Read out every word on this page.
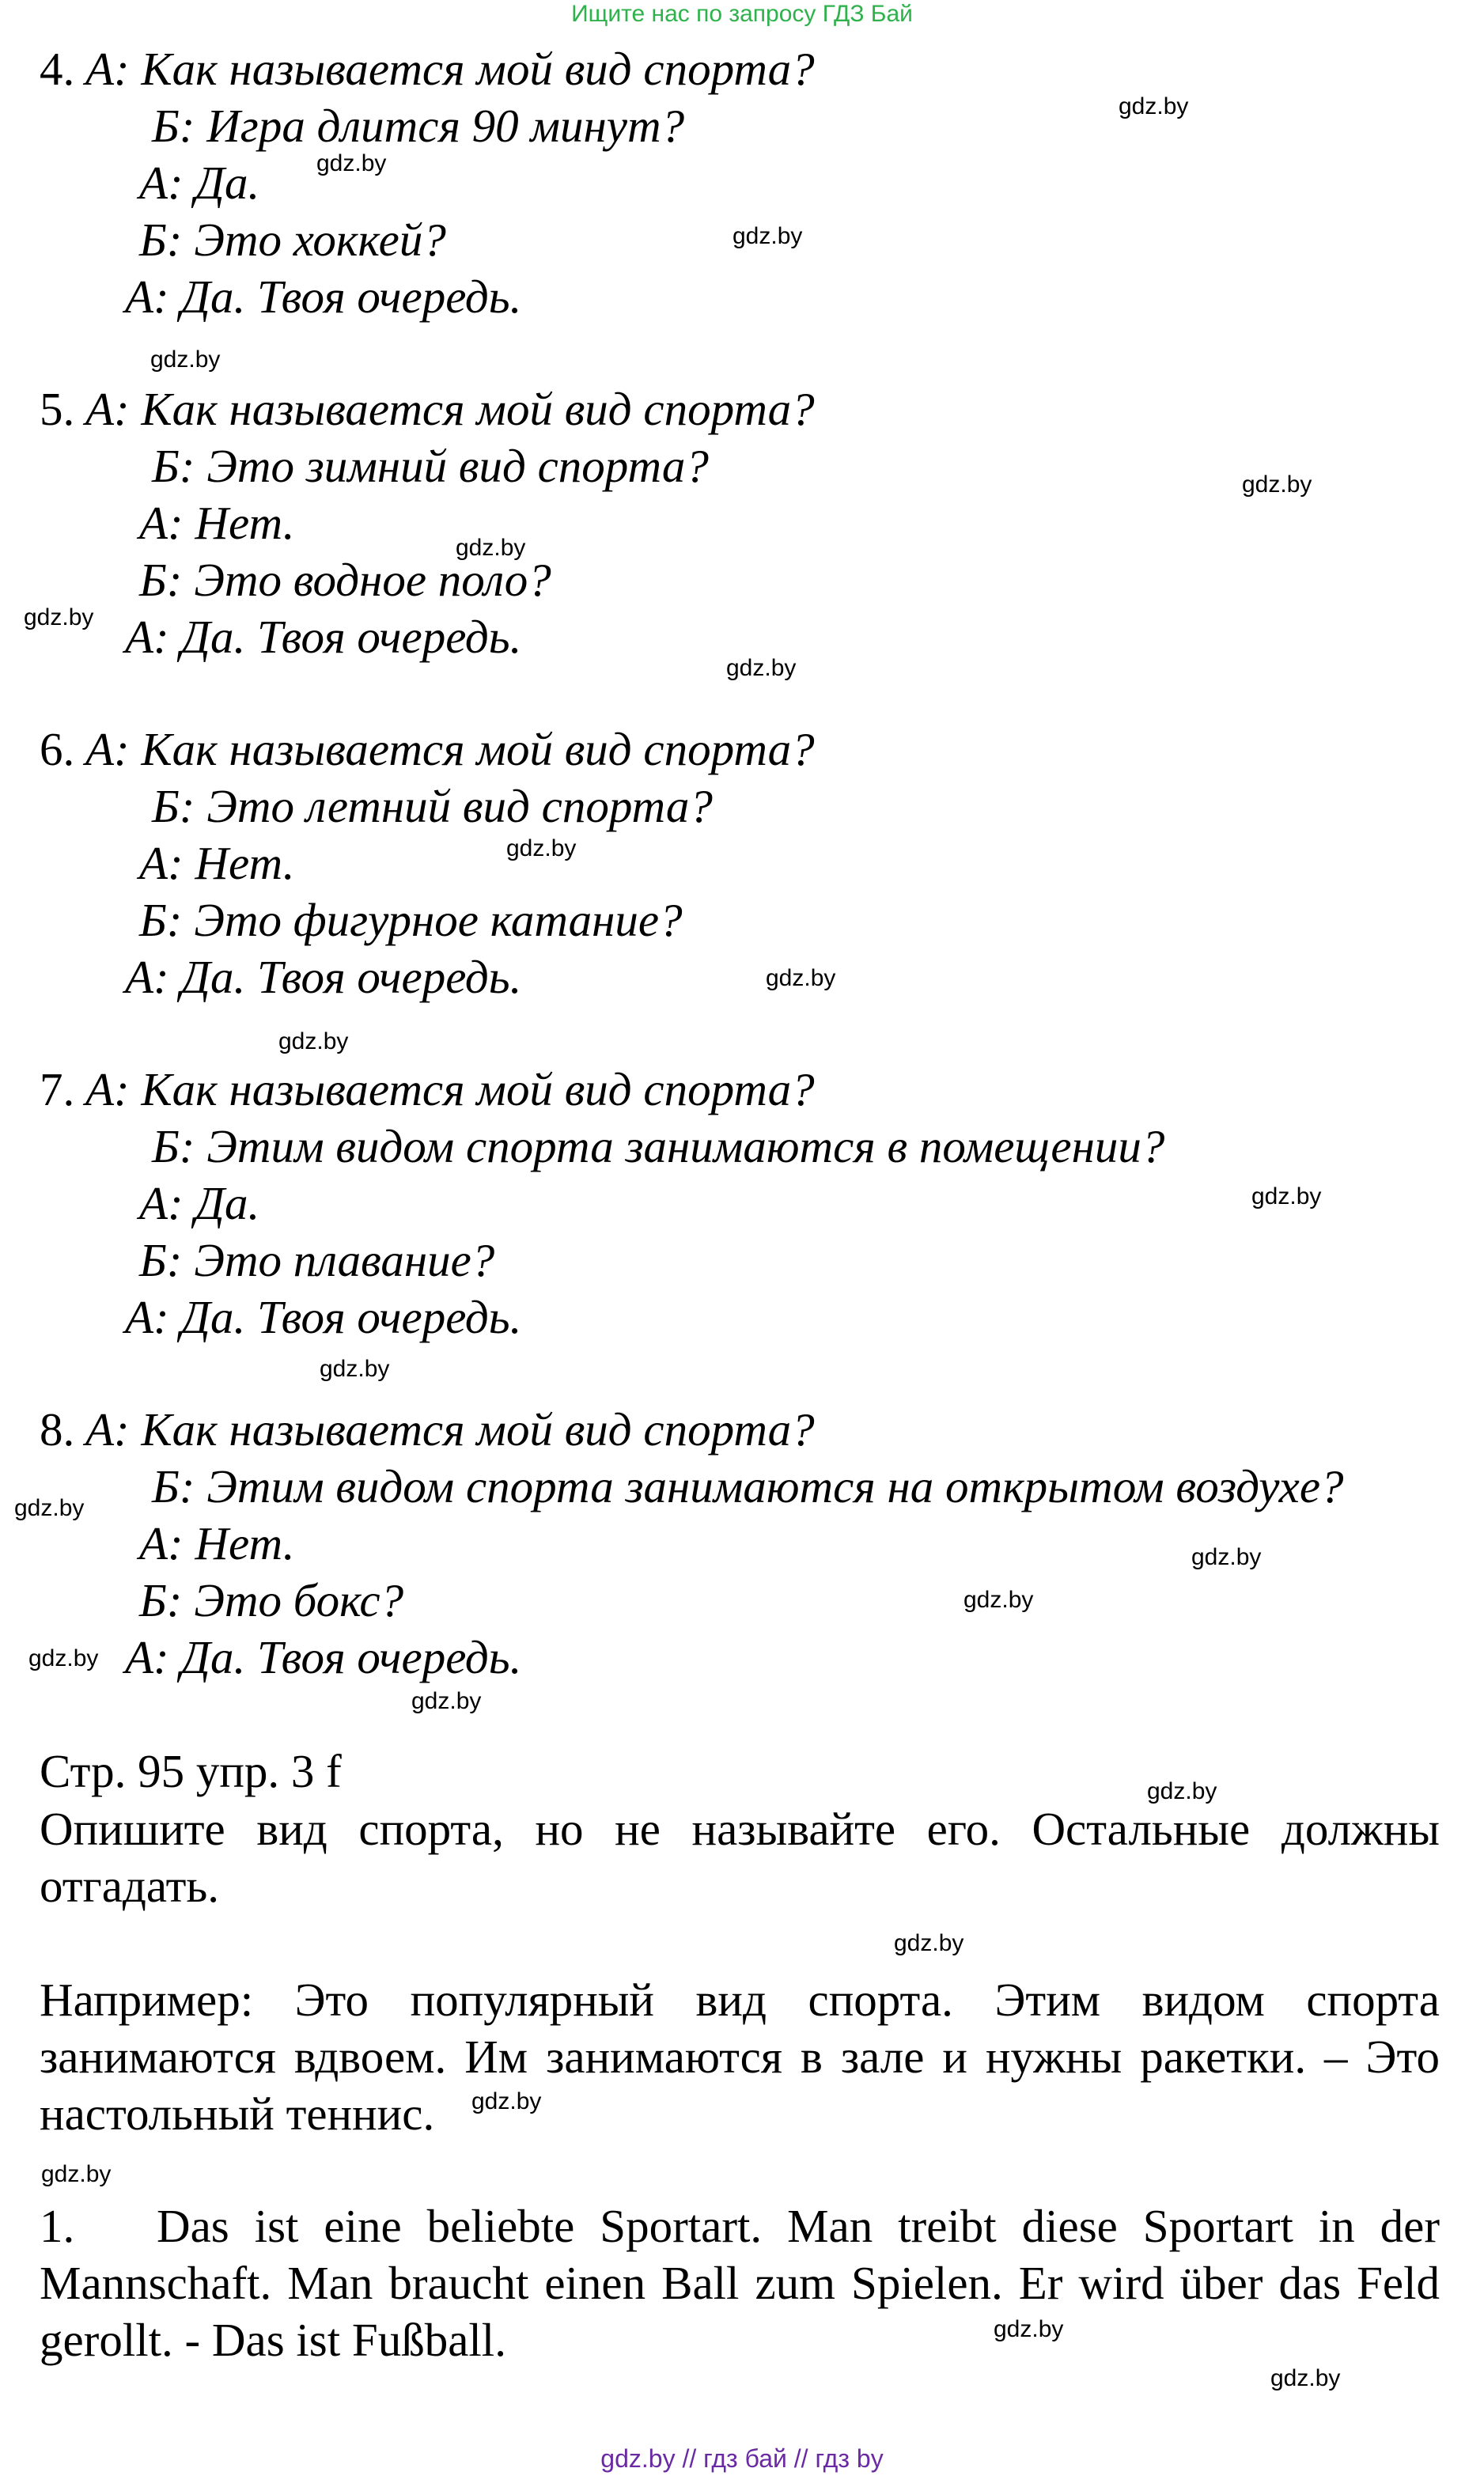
Ищите нас по запросу ГДЗ Бай
4. А: Как называется мой вид спорта?
Б: Игра длится 90 минут?
А: Да.
Б: Это хоккей?
А: Да. Твоя очередь.
5. А: Как называется мой вид спорта?
Б: Это зимний вид спорта?
А: Нет.
Б: Это водное поло?
А: Да. Твоя очередь.
6. А: Как называется мой вид спорта?
Б: Это летний вид спорта?
А: Нет.
Б: Это фигурное катание?
А: Да. Твоя очередь.
7. А: Как называется мой вид спорта?
Б: Этим видом спорта занимаются в помещении?
А: Да.
Б: Это плавание?
А: Да. Твоя очередь.
8. А: Как называется мой вид спорта?
Б: Этим видом спорта занимаются на открытом воздухе?
А: Нет.
Б: Это бокс?
А: Да. Твоя очередь.
Стр. 95 упр. 3 f
Опишите вид спорта, но не называйте его. Остальные должны отгадать.
Например: Это популярный вид спорта. Этим видом спорта занимаются вдвоем. Им занимаются в зале и нужны ракетки. – Это настольный теннис.
1. Das ist eine beliebte Sportart. Man treibt diese Sportart in der Mannschaft. Man braucht einen Ball zum Spielen. Er wird über das Feld gerollt. - Das ist Fußball.
gdz.by
gdz.by
gdz.by
gdz.by
gdz.by
gdz.by
gdz.by
gdz.by
gdz.by
gdz.by
gdz.by
gdz.by
gdz.by
gdz.by
gdz.by
gdz.by
gdz.by
gdz.by
gdz.by
gdz.by
gdz.by
gdz.by
gdz.by
gdz.by
gdz.by // гдз бай // гдз by
